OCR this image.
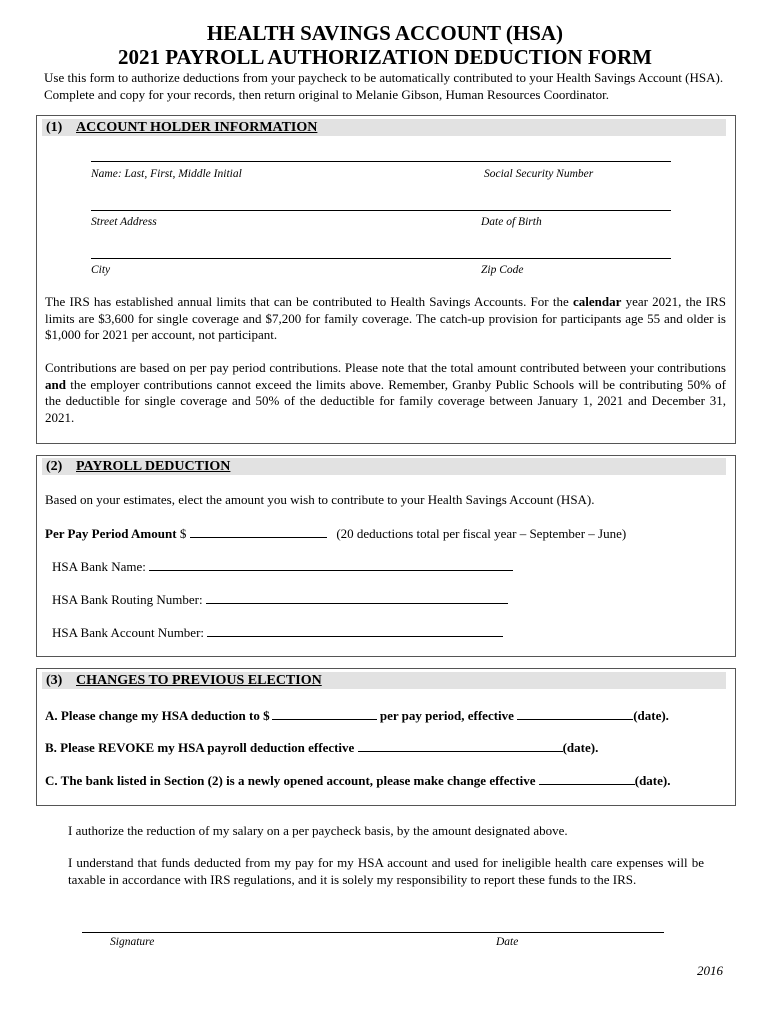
HEALTH SAVINGS ACCOUNT (HSA)
2021 PAYROLL AUTHORIZATION DEDUCTION FORM
Use this form to authorize deductions from your paycheck to be automatically contributed to your Health Savings Account (HSA). Complete and copy for your records, then return original to Melanie Gibson, Human Resources Coordinator.
(1) ACCOUNT HOLDER INFORMATION
Name: Last, First, Middle Initial	Social Security Number
Street Address	Date of Birth
City	Zip Code
The IRS has established annual limits that can be contributed to Health Savings Accounts. For the calendar year 2021, the IRS limits are $3,600 for single coverage and $7,200 for family coverage. The catch-up provision for participants age 55 and older is $1,000 for 2021 per account, not participant.
Contributions are based on per pay period contributions. Please note that the total amount contributed between your contributions and the employer contributions cannot exceed the limits above. Remember, Granby Public Schools will be contributing 50% of the deductible for single coverage and 50% of the deductible for family coverage between January 1, 2021 and December 31, 2021.
(2) PAYROLL DEDUCTION
Based on your estimates, elect the amount you wish to contribute to your Health Savings Account (HSA).
Per Pay Period Amount $	(20 deductions total per fiscal year – September – June)
HSA Bank Name:
HSA Bank Routing Number:
HSA Bank Account Number:
(3) CHANGES TO PREVIOUS ELECTION
A. Please change my HSA deduction to $	per pay period, effective	(date).
B. Please REVOKE my HSA payroll deduction effective	(date).
C. The bank listed in Section (2) is a newly opened account, please make change effective	(date).
I authorize the reduction of my salary on a per paycheck basis, by the amount designated above.
I understand that funds deducted from my pay for my HSA account and used for ineligible health care expenses will be taxable in accordance with IRS regulations, and it is solely my responsibility to report these funds to the IRS.
Signature	Date
2016
